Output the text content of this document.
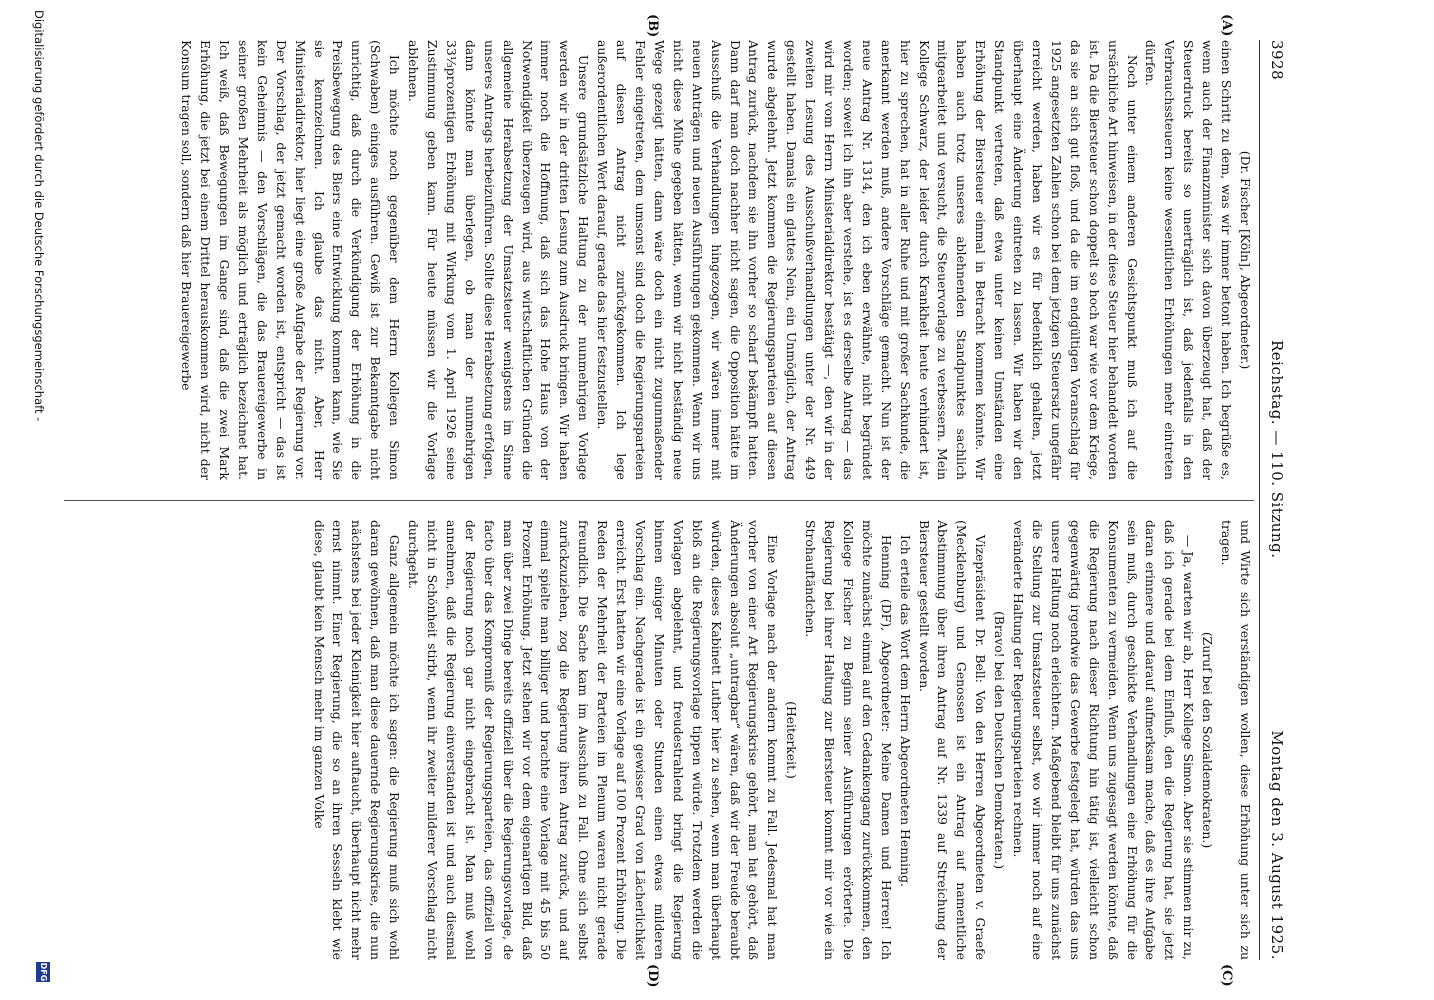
3928
Reichstag. — 110. Sitzung.
Montag den 3. August 1925.
(A)
(B)
(C)
(D)

(Dr. Fischer [Köln], Abgeordneter.)

einen Schritt zu dem, was wir immer betont haben. Ich begrüße es, wenn auch der Finanzminister sich davon überzeugt hat, daß der Steuerdruck bereits so unerträglich ist, daß jedenfalls in den Verbrauchssteuern keine wesentlichen Erhöhungen mehr eintreten dürfen.

Noch unter einem anderen Gesichtspunkt muß ich auf die ursächliche Art hinweisen, in der diese Steuer hier behandelt worden ist. Da die Biersteuer schon doppelt so hoch war wie vor dem Kriege, da sie an sich gut floß, und da die im endgültigen Voranschlag für 1925 angesetzten Zahlen schon bei dem jetzigen Steuersatz ungefähr erreicht werden, haben wir es für bedenklich gehalten, jetzt überhaupt eine Änderung eintreten zu lassen. Wir haben wir den Standpunkt vertreten, daß etwa unter keinen Umständen eine Erhöhung der Biersteuer einmal in Betracht kommen könnte. Wir haben auch trotz unseres ablehnenden Standpunktes sachlich mitgearbeitet und versucht, die Steuervorlage zu verbessern. Mein Kollege Schwarz, der leider durch Krankheit heute verhindert ist, hier zu sprechen, hat in aller Ruhe und mit großer Sachkunde, die anerkannt werden muß, andere Vorschläge gemacht. Nun ist der neue Antrag Nr. 1314, den ich eben erwähnte, nicht begründet worden; soweit ich ihn aber verstehe, ist es derselbe Antrag — das wird mir vom Herrn Ministerialdirektor bestätigt —, den wir in der zweiten Lesung des Ausschußverhandlungen unter der Nr. 449 gestellt haben. Damals ein glattes Nein, ein Unmöglich, der Antrag wurde abgelehnt. Jetzt kommen die Regierungsparteien auf diesen Antrag zurück, nachdem sie ihn vorher so scharf bekämpft hatten. Dann darf man doch nachher nicht sagen, die Opposition hätte im Ausschuß die Verhandlungen hingezogen, wir wären immer mit neuen Anträgen und neuen Ausführungen gekommen. Wenn wir uns nicht diese Mühe gegeben hätten, wenn wir nicht beständig neue Wege gezeigt hätten, dann wäre doch ein nicht zugunmaßender Fehler eingetreten, dem umsonst sind doch die Regierungsparteien auf diesen Antrag nicht zurückgekommen. Ich lege außerordentlichen Wert darauf, gerade das hier festzustellen.

Unsere grundsätzliche Haltung zu der nunmehrigen Vorlage werden wir in der dritten Lesung zum Ausdruck bringen. Wir haben immer noch die Hoffnung, daß sich das Hohe Haus von der Notwendigkeit überzeugen wird, aus wirtschaftlichen Gründen die allgemeine Herabsetzung der Umsatzsteuer wenigstens im Sinne unseres Antrags herbeizuführen. Sollte diese Herabsetzung erfolgen, dann könnte man überlegen, ob man der nunmehrigen 33⅓prozentigen Erhöhung mit Wirkung vom 1. April 1926 seine Zustimmung geben kann. Für heute müssen wir die Vorlage ablehnen.

Ich möchte noch gegenüber dem Herrn Kollegen Simon (Schwaben) einiges ausführen. Gewiß ist zur Bekanntgabe nicht unrichtig, daß durch die Verkündigung der Erhöhung in die Preisbewegung des Biers eine Entwicklung kommen kann, wie Sie sie kennzeichnen. Ich glaube das nicht. Aber, Herr Ministerialdirektor, hier liegt eine große Aufgabe der Regierung vor. Der Vorschlag, der jetzt gemacht worden ist, entspricht — das ist kein Geheimnis — den Vorschlägen, die das Brauereigewerbe in seiner großen Mehrheit als möglich und erträglich bezeichnet hat. Ich weiß, daß Bewegungen im Gange sind, daß die zwei Mark Erhöhung, die jetzt bei einem Drittel herauskommen wird, nicht der Konsum tragen soll, sondern daß hier Brauereigewerbe

und Wirte sich verständigen wollen, diese Erhöhung unter sich zu tragen.

(Zuruf bei den Sozialdemokraten.)

— Ja, warten wir ab, Herr Kollege Simon. Aber sie stimmen mir zu, daß ich gerade bei dem Einfluß, den die Regierung hat, sie jetzt daran erinnere und darauf aufmerksam mache, daß es ihre Aufgabe sein muß, durch geschickte Verhandlungen eine Erhöhung für die Konsumenten zu vermeiden. Wenn uns zugesagt werden könnte, daß die Regierung nach dieser Richtung hin tätig ist, vielleicht schon gegenwärtig irgendwie das Gewerbe festgelegt hat, würden das uns unsere Haltung noch erleichtern. Maßgebend bleibt für uns zunächst die Stellung zur Umsatzsteuer selbst, wo wir immer noch auf eine veränderte Haltung der Regierungsparteien rechnen.

(Bravo! bei den Deutschen Demokraten.)

Vizepräsident Dr. Bell: Von den Herren Abgeordneten v. Graefe (Mecklenburg) und Genossen ist ein Antrag auf namentliche Abstimmung über ihren Antrag auf Nr. 1339 auf Streichung der Biersteuer gestellt worden.

Ich erteile das Wort dem Herrn Abgeordneten Henning.

Henning (DF), Abgeordneter: Meine Damen und Herren! Ich möchte zunächst einmal auf den Gedankengang zurückkommen, den Kollege Fischer zu Beginn seiner Ausführungen erörterte. Die Regierung bei ihrer Haltung zur Biersteuer kommt mir vor wie ein Strohauftändchen.

(Heiterkeit.)

Eine Vorlage nach der andern kommt zu Fall. Jedesmal hat man vorher von einer Art Regierungskrise gehört, man hat gehört, daß Änderungen absolut „untragbar“ wären, daß wir der Freude beraubt würden, dieses Kabinett Luther hier zu sehen, wenn man überhaupt bloß an die Regierungsvorlage tippen würde. Trotzdem werden die Vorlagen abgelehnt, und freudestrahlend bringt die Regierung binnen einiger Minuten oder Stunden einen etwas milderen Vorschlag ein. Nachgerade ist ein gewisser Grad von Lächerlichkeit erreicht. Erst hatten wir eine Vorlage auf 100 Prozent Erhöhung. Die Reden der Mehrheit der Parteien im Plenum waren nicht gerade freundlich. Die Sache kam im Ausschuß zu Fall. Ohne sich selbst zurückzuziehen, zog die Regierung ihren Antrag zurück, und auf einmal spielte man billiger und brachte eine Vorlage mit 45 bis 50 Prozent Erhöhung. Jetzt stehen wir vor dem eigenartigen Bild, daß man über zwei Dinge bereits offiziell über die Regierungsvorlage, de facto über das Kompromiß der Regierungsparteien, das offiziell von der Regierung noch gar nicht eingebracht ist. Man muß wohl annehmen, daß die Regierung einverstanden ist und auch diesmal nicht in Schönheit stirbt, wenn ihr zweiter milderer Vorschlag nicht durchgeht.

Ganz allgemein möchte ich sagen: die Regierung muß sich wohl daran gewöhnen, daß man diese dauernde Regierungskrise, die nun nächstens bei jeder Kleinigkeit hier auftaucht, überhaupt nicht mehr ernst nimmt. Einer Regierung, die so an ihren Sesseln klebt wie diese, glaubt kein Mensch mehr im ganzen Volke

Digitalisierung gefördert durch die Deutsche Forschungsgemeinschaft -
DFG
